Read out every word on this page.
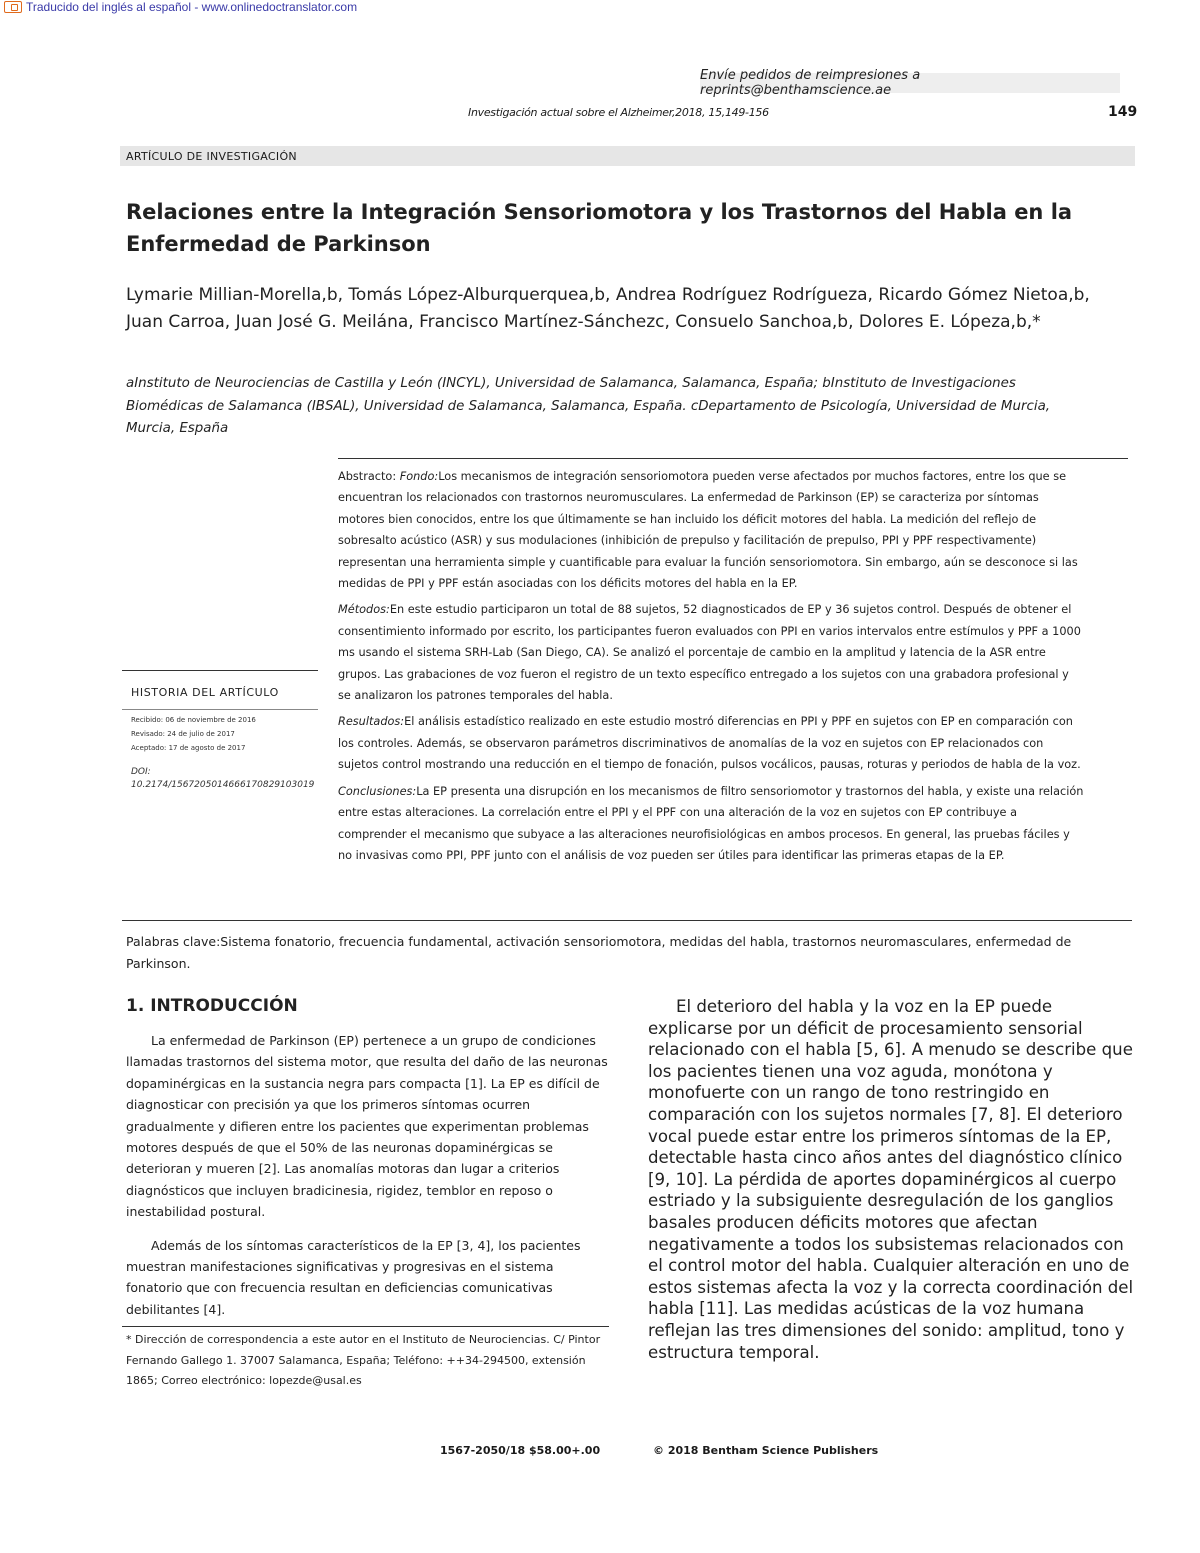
Traducido del inglés al español - www.onlinedoctranslator.com
Envíe pedidos de reimpresiones a reprints@benthamscience.ae
Investigación actual sobre el Alzheimer,2018, 15,149-156	149
ARTÍCULO DE INVESTIGACIÓN
Relaciones entre la Integración Sensoriomotora y los Trastornos del Habla en la Enfermedad de Parkinson
Lymarie Millian-Morella,b, Tomás López-Alburquerquea,b, Andrea Rodríguez Rodrígueza, Ricardo Gómez Nietoa,b, Juan Carroa, Juan José G. Meilána, Francisco Martínez-Sánchezc, Consuelo Sanchoa,b, Dolores E. Lópeza,b,*
aInstituto de Neurociencias de Castilla y León (INCYL), Universidad de Salamanca, Salamanca, España; bInstituto de Investigaciones Biomédicas de Salamanca (IBSAL), Universidad de Salamanca, Salamanca, España. cDepartamento de Psicología, Universidad de Murcia, Murcia, España
HISTORIA DEL ARTÍCULO
Recibido: 06 de noviembre de 2016
Revisado: 24 de julio de 2017
Aceptado: 17 de agosto de 2017
DOI:
10.2174/1567205014666170829103019

Abstracto: Fondo:Los mecanismos de integración sensoriomotora pueden verse afectados por muchos factores, entre los que se encuentran los relacionados con trastornos neuromusculares. La enfermedad de Parkinson (EP) se caracteriza por síntomas motores bien conocidos, entre los que últimamente se han incluido los déficit motores del habla. La medición del reflejo de sobresalto acústico (ASR) y sus modulaciones (inhibición de prepulso y facilitación de prepulso, PPI y PPF respectivamente) representan una herramienta simple y cuantificable para evaluar la función sensoriomotora. Sin embargo, aún se desconoce si las medidas de PPI y PPF están asociadas con los déficits motores del habla en la EP.

Métodos:En este estudio participaron un total de 88 sujetos, 52 diagnosticados de EP y 36 sujetos control. Después de obtener el consentimiento informado por escrito, los participantes fueron evaluados con PPI en varios intervalos entre estímulos y PPF a 1000 ms usando el sistema SRH-Lab (San Diego, CA). Se analizó el porcentaje de cambio en la amplitud y latencia de la ASR entre grupos. Las grabaciones de voz fueron el registro de un texto específico entregado a los sujetos con una grabadora profesional y se analizaron los patrones temporales del habla.

Resultados:El análisis estadístico realizado en este estudio mostró diferencias en PPI y PPF en sujetos con EP en comparación con los controles. Además, se observaron parámetros discriminativos de anomalías de la voz en sujetos con EP relacionados con sujetos control mostrando una reducción en el tiempo de fonación, pulsos vocálicos, pausas, roturas y periodos de habla de la voz.

Conclusiones:La EP presenta una disrupción en los mecanismos de filtro sensoriomotor y trastornos del habla, y existe una relación entre estas alteraciones. La correlación entre el PPI y el PPF con una alteración de la voz en sujetos con EP contribuye a comprender el mecanismo que subyace a las alteraciones neurofisiológicas en ambos procesos. En general, las pruebas fáciles y no invasivas como PPI, PPF junto con el análisis de voz pueden ser útiles para identificar las primeras etapas de la EP.

Palabras clave:Sistema fonatorio, frecuencia fundamental, activación sensoriomotora, medidas del habla, trastornos neuromasculares, enfermedad de Parkinson.
1. INTRODUCCIÓN

La enfermedad de Parkinson (EP) pertenece a un grupo de condiciones llamadas trastornos del sistema motor, que resulta del daño de las neuronas dopaminérgicas en la sustancia negra pars compacta [1]. La EP es difícil de diagnosticar con precisión ya que los primeros síntomas ocurren gradualmente y difieren entre los pacientes que experimentan problemas motores después de que el 50% de las neuronas dopaminérgicas se deterioran y mueren [2]. Las anomalías motoras dan lugar a criterios diagnósticos que incluyen bradicinesia, rigidez, temblor en reposo o inestabilidad postural.

Además de los síntomas característicos de la EP [3, 4], los pacientes muestran manifestaciones significativas y progresivas en el sistema fonatorio que con frecuencia resultan en deficiencias comunicativas debilitantes [4].

* Dirección de correspondencia a este autor en el Instituto de Neurociencias. C/ Pintor Fernando Gallego 1. 37007 Salamanca, España; Teléfono: ++34-294500, extensión 1865; Correo electrónico: lopezde@usal.es

El deterioro del habla y la voz en la EP puede explicarse por un déficit de procesamiento sensorial relacionado con el habla [5, 6]. A menudo se describe que los pacientes tienen una voz aguda, monótona y monofuerte con un rango de tono restringido en comparación con los sujetos normales [7, 8]. El deterioro vocal puede estar entre los primeros síntomas de la EP, detectable hasta cinco años antes del diagnóstico clínico [9, 10]. La pérdida de aportes dopaminérgicos al cuerpo estriado y la subsiguiente desregulación de los ganglios basales producen déficits motores que afectan negativamente a todos los subsistemas relacionados con el control motor del habla. Cualquier alteración en uno de estos sistemas afecta la voz y la correcta coordinación del habla [11]. Las medidas acústicas de la voz humana reflejan las tres dimensiones del sonido: amplitud, tono y estructura temporal.

1567-2050/18 $58.00+.00	© 2018 Bentham Science Publishers
